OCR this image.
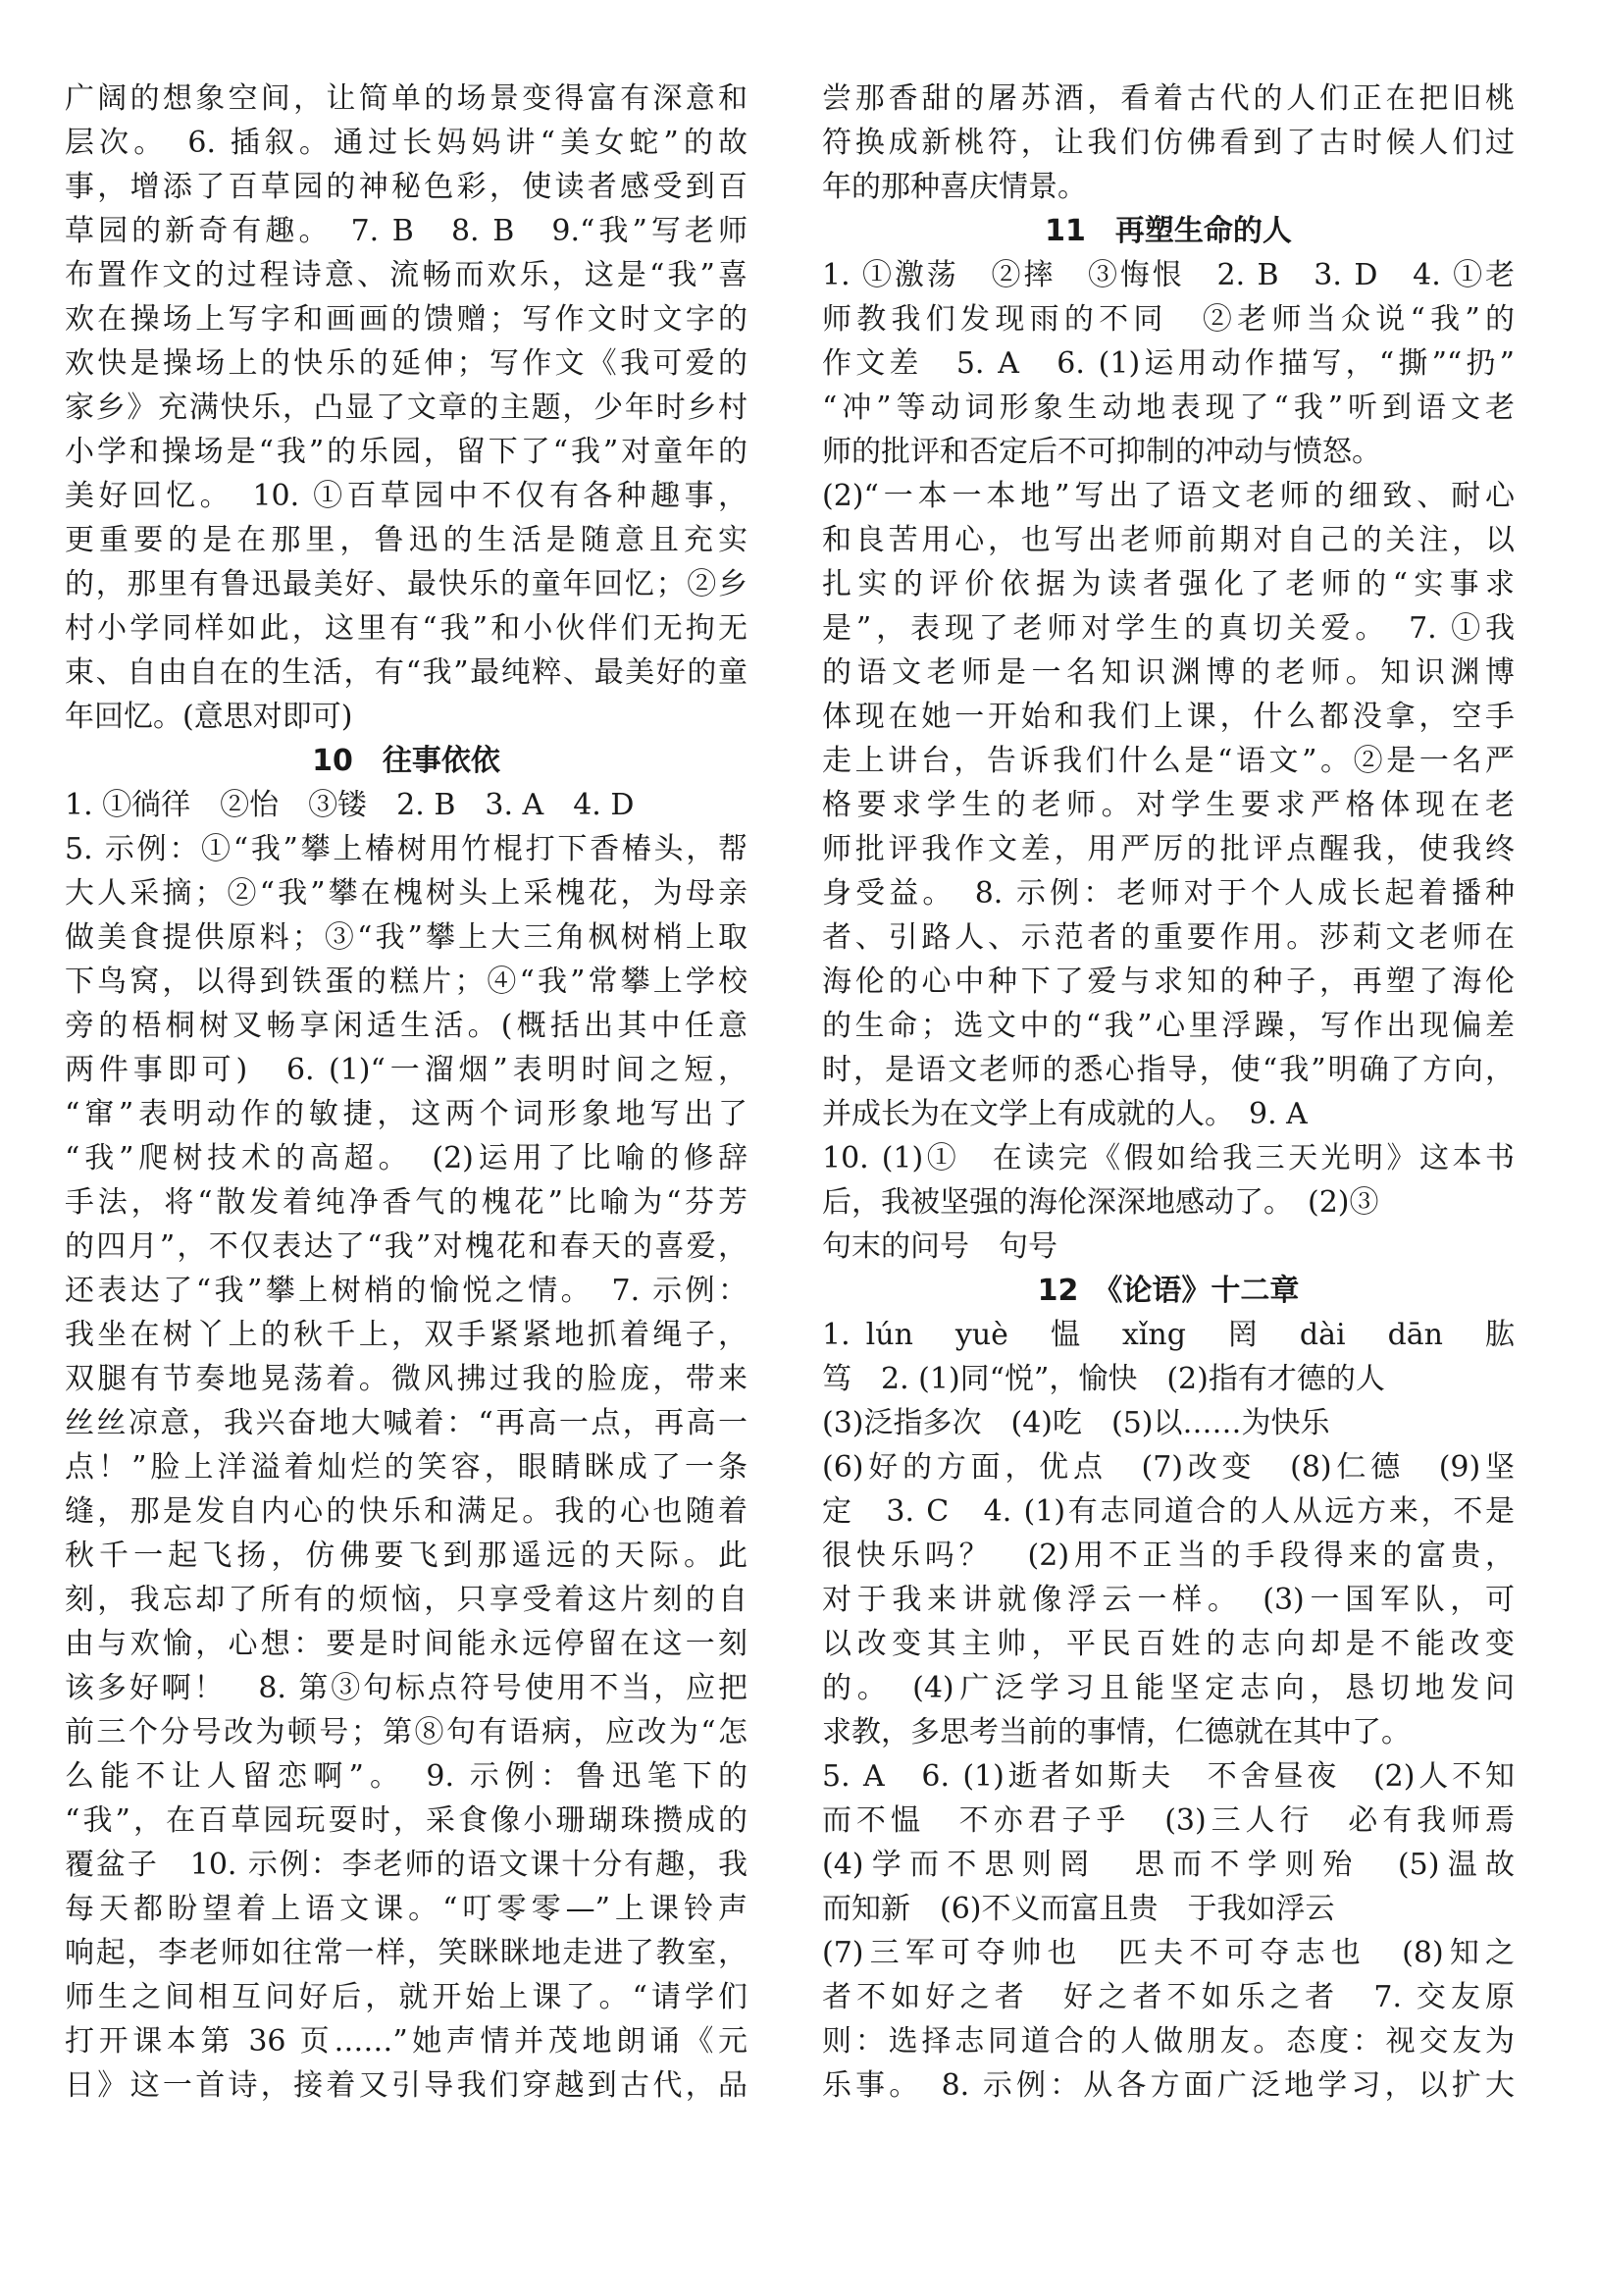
广阔的想象空间，让简单的场景变得富有深意和
层次。　6. 插叙。通过长妈妈讲“美女蛇”的故
事，增添了百草园的神秘色彩，使读者感受到百
草园的新奇有趣。　7. B　8. B　9.“我”写老师
布置作文的过程诗意、流畅而欢乐，这是“我”喜
欢在操场上写字和画画的馈赠；写作文时文字的
欢快是操场上的快乐的延伸；写作文《我可爱的
家乡》充满快乐，凸显了文章的主题，少年时乡村
小学和操场是“我”的乐园，留下了“我”对童年的
美好回忆。　10. ①百草园中不仅有各种趣事，
更重要的是在那里，鲁迅的生活是随意且充实
的，那里有鲁迅最美好、最快乐的童年回忆；②乡
村小学同样如此，这里有“我”和小伙伴们无拘无
束、自由自在的生活，有“我”最纯粹、最美好的童
年回忆。(意思对即可)
10　往事依依
1. ①徜徉　②怡　③镂　2. B　3. A　4. D
5. 示例：①“我”攀上椿树用竹棍打下香椿头，帮
大人采摘；②“我”攀在槐树头上采槐花，为母亲
做美食提供原料；③“我”攀上大三角枫树梢上取
下鸟窝，以得到铁蛋的糕片；④“我”常攀上学校
旁的梧桐树叉畅享闲适生活。(概括出其中任意
两件事即可)　6. (1)“一溜烟”表明时间之短，
“窜”表明动作的敏捷，这两个词形象地写出了
“我”爬树技术的高超。　(2)运用了比喻的修辞
手法，将“散发着纯净香气的槐花”比喻为“芬芳
的四月”，不仅表达了“我”对槐花和春天的喜爱，
还表达了“我”攀上树梢的愉悦之情。　7. 示例：
我坐在树丫上的秋千上，双手紧紧地抓着绳子，
双腿有节奏地晃荡着。微风拂过我的脸庞，带来
丝丝凉意，我兴奋地大喊着：“再高一点，再高一
点！”脸上洋溢着灿烂的笑容，眼睛眯成了一条
缝，那是发自内心的快乐和满足。我的心也随着
秋千一起飞扬，仿佛要飞到那遥远的天际。此
刻，我忘却了所有的烦恼，只享受着这片刻的自
由与欢愉，心想：要是时间能永远停留在这一刻
该多好啊！　8. 第③句标点符号使用不当，应把
前三个分号改为顿号；第⑧句有语病，应改为“怎
么能不让人留恋啊”。　9. 示例：鲁迅笔下的
“我”，在百草园玩耍时，采食像小珊瑚珠攒成的
覆盆子　10. 示例：李老师的语文课十分有趣，我
每天都盼望着上语文课。“叮零零—”上课铃声
响起，李老师如往常一样，笑眯眯地走进了教室，
师生之间相互问好后，就开始上课了。“请学们
打开课本第 36 页……”她声情并茂地朗诵《元
日》这一首诗，接着又引导我们穿越到古代，品
尝那香甜的屠苏酒，看着古代的人们正在把旧桃
符换成新桃符，让我们仿佛看到了古时候人们过
年的那种喜庆情景。
11　再塑生命的人
1. ①激荡　②摔　③悔恨　2. B　3. D　4. ①老
师教我们发现雨的不同　②老师当众说“我”的
作文差　5. A　6. (1)运用动作描写，“撕”“扔”
“冲”等动词形象生动地表现了“我”听到语文老
师的批评和否定后不可抑制的冲动与愤怒。
(2)“一本一本地”写出了语文老师的细致、耐心
和良苦用心，也写出老师前期对自己的关注，以
扎实的评价依据为读者强化了老师的“实事求
是”，表现了老师对学生的真切关爱。　7. ①我
的语文老师是一名知识渊博的老师。知识渊博
体现在她一开始和我们上课，什么都没拿，空手
走上讲台，告诉我们什么是“语文”。②是一名严
格要求学生的老师。对学生要求严格体现在老
师批评我作文差，用严厉的批评点醒我，使我终
身受益。　8. 示例：老师对于个人成长起着播种
者、引路人、示范者的重要作用。莎莉文老师在
海伦的心中种下了爱与求知的种子，再塑了海伦
的生命；选文中的“我”心里浮躁，写作出现偏差
时，是语文老师的悉心指导，使“我”明确了方向，
并成长为在文学上有成就的人。　9. A
10. (1)①　在读完《假如给我三天光明》这本书
后，我被坚强的海伦深深地感动了。　(2)③
句末的问号　句号
12　《论语》十二章
1. lún　yuè　愠　xǐng　罔　dài　dān　肱
笃　2. (1)同“悦”，愉快　(2)指有才德的人
(3)泛指多次　(4)吃　(5)以……为快乐
(6)好的方面，优点　(7)改变　(8)仁德　(9)坚
定　3. C　4. (1)有志同道合的人从远方来，不是
很快乐吗？　(2)用不正当的手段得来的富贵，
对于我来讲就像浮云一样。　(3)一国军队，可
以改变其主帅，平民百姓的志向却是不能改变
的。　(4)广泛学习且能坚定志向，恳切地发问
求教，多思考当前的事情，仁德就在其中了。
5. A　6. (1)逝者如斯夫　不舍昼夜　(2)人不知
而不愠　不亦君子乎　(3)三人行　必有我师焉
(4)学而不思则罔　思而不学则殆　(5)温故
而知新　(6)不义而富且贵　于我如浮云
(7)三军可夺帅也　匹夫不可夺志也　(8)知之
者不如好之者　好之者不如乐之者　7. 交友原
则：选择志同道合的人做朋友。态度：视交友为
乐事。　8. 示例：从各方面广泛地学习，以扩大
